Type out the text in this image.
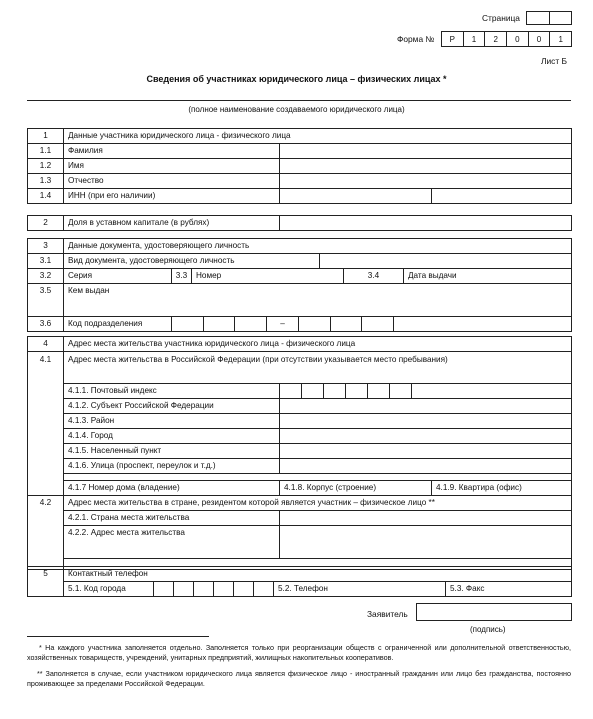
Страница
Форма №	Р	1	2	0	0	1
Лист Б
Сведения об участниках юридического лица – физических лицах *
(полное наименование создаваемого юридического лица)
1	Данные участника юридического лица - физического лица		
1.1	Фамилия		
1.2	Имя		
1.3	Отчество		
1.4	ИНН (при его наличии)		
2	Доля в уставном капитале (в рублях)	
3	Данные документа, удостоверяющего личность					
3.1	Вид документа, удостоверяющего личность					
3.2	Серия	3.3	Номер		3.4	Дата выдачи
3.5	Кем выдан					
3.6	Код подразделения	–				
4	Адрес места жительства участника юридического лица - физического лица		
4.1	Адрес места жительства в Российской Федерации (при отсутствии указывается место пребывания)		
	4.1.1. Почтовый индекс		

	4.1.2. Субъект Российской Федерации		
	4.1.3. Район		
	4.1.4. Город		
	4.1.5. Населенный пункт		
	4.1.6. Улица (проспект, переулок и т.д.)		

	4.1.7 Номер дома (владение)	4.1.8. Корпус (строение)	4.1.9. Квартира (офис)
4.2	Адрес места жительства в стране, резидентом которой является участник – физическое лицо **		
	4.2.1. Страна места жительства		
	4.2.2. Адрес места жительства		

5	Контактный телефон			
	5.1. Код города		5.2. Телефон	5.3. Факс
Заявитель
(подпись)
* На каждого участника заполняется отдельно. Заполняется только при реорганизации обществ с ограниченной или дополнительной ответственностью, хозяйственных товариществ, учреждений, унитарных предприятий, жилищных накопительных кооперативов.
** Заполняется в случае, если участником юридического лица является физическое лицо - иностранный гражданин или лицо без гражданства, постоянно проживающее за пределами Российской Федерации.
